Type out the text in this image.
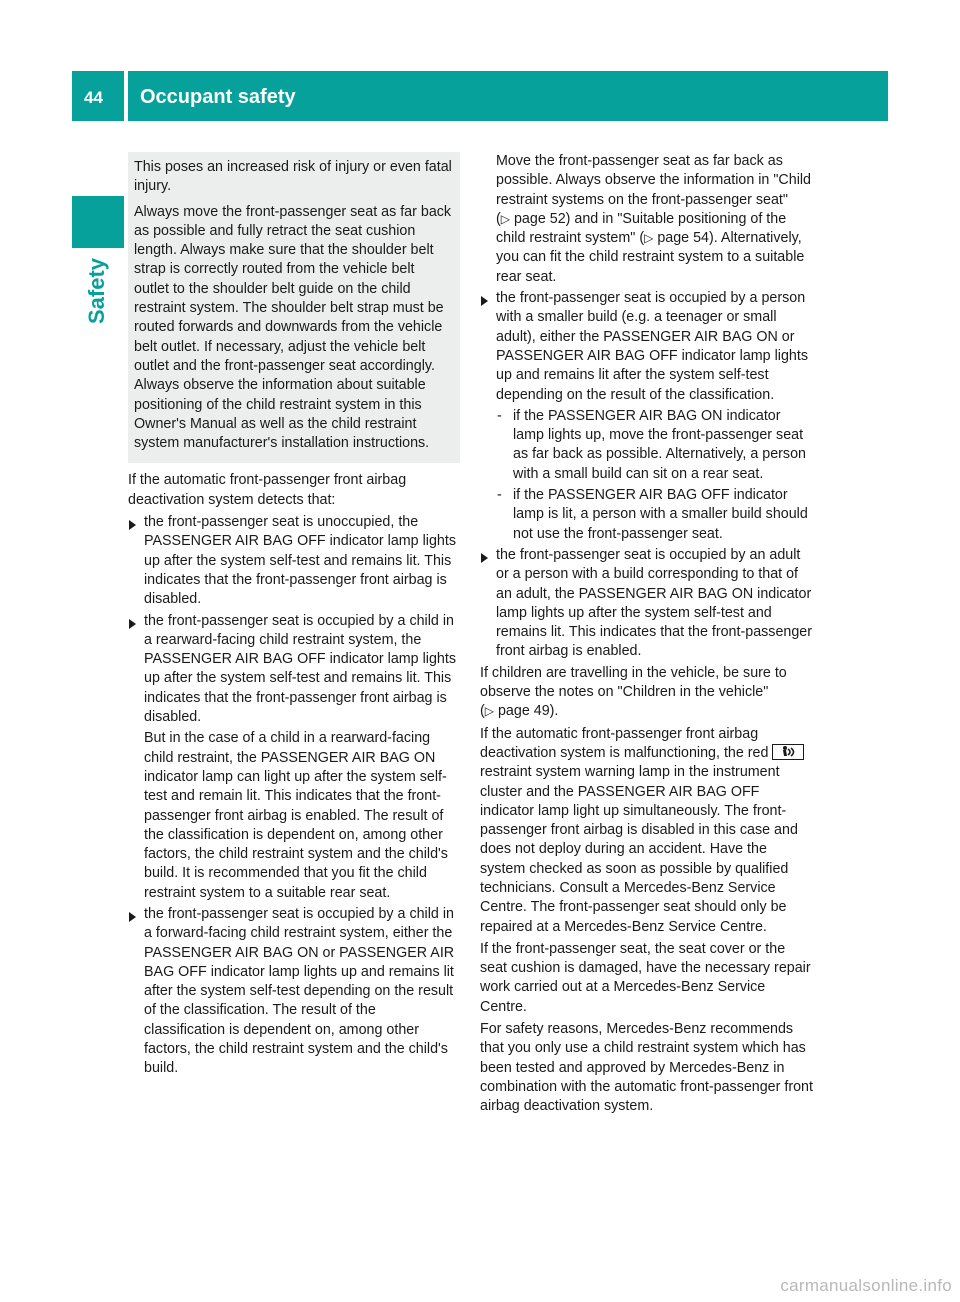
44 Occupant safety
Safety

This poses an increased risk of injury or even fatal injury.

Always move the front-passenger seat as far back as possible and fully retract the seat cushion length. Always make sure that the shoulder belt strap is correctly routed from the vehicle belt outlet to the shoulder belt guide on the child restraint system. The shoulder belt strap must be routed forwards and downwards from the vehicle belt outlet. If necessary, adjust the vehicle belt outlet and the front-passenger seat accordingly. Always observe the information about suitable positioning of the child restraint system in this Owner's Manual as well as the child restraint system manufacturer's installation instructions.

If the automatic front-passenger front airbag deactivation system detects that:

the front-passenger seat is unoccupied, the PASSENGER AIR BAG OFF indicator lamp lights up after the system self-test and remains lit. This indicates that the front-passenger front airbag is disabled.
the front-passenger seat is occupied by a child in a rearward-facing child restraint system, the PASSENGER AIR BAG OFF indicator lamp lights up after the system self-test and remains lit. This indicates that the front-passenger front airbag is disabled.
But in the case of a child in a rearward-facing child restraint, the PASSENGER AIR BAG ON indicator lamp can light up after the system self-test and remain lit. This indicates that the front-passenger front airbag is enabled. The result of the classification is dependent on, among other factors, the child restraint system and the child's build. It is recommended that you fit the child restraint system to a suitable rear seat.
the front-passenger seat is occupied by a child in a forward-facing child restraint system, either the PASSENGER AIR BAG ON or PASSENGER AIR BAG OFF indicator lamp lights up and remains lit after the system self-test depending on the result of the classification. The result of the classification is dependent on, among other factors, the child restraint system and the child's build.

Move the front-passenger seat as far back as possible. Always observe the information in "Child restraint systems on the front-passenger seat" (▷ page 52) and in "Suitable positioning of the child restraint system" (▷ page 54). Alternatively, you can fit the child restraint system to a suitable rear seat.

the front-passenger seat is occupied by a person with a smaller build (e.g. a teenager or small adult), either the PASSENGER AIR BAG ON or PASSENGER AIR BAG OFF indicator lamp lights up and remains lit after the system self-test depending on the result of the classification.
- if the PASSENGER AIR BAG ON indicator lamp lights up, move the front-passenger seat as far back as possible. Alternatively, a person with a small build can sit on a rear seat.
- if the PASSENGER AIR BAG OFF indicator lamp is lit, a person with a smaller build should not use the front-passenger seat.
the front-passenger seat is occupied by an adult or a person with a build corresponding to that of an adult, the PASSENGER AIR BAG ON indicator lamp lights up after the system self-test and remains lit. This indicates that the front-passenger front airbag is enabled.

If children are travelling in the vehicle, be sure to observe the notes on "Children in the vehicle" (▷ page 49).

If the automatic front-passenger front airbag deactivation system is malfunctioning, the red restraint system warning lamp in the instrument cluster and the PASSENGER AIR BAG OFF indicator lamp light up simultaneously. The front-passenger front airbag is disabled in this case and does not deploy during an accident. Have the system checked as soon as possible by qualified technicians. Consult a Mercedes-Benz Service Centre. The front-passenger seat should only be repaired at a Mercedes-Benz Service Centre.

If the front-passenger seat, the seat cover or the seat cushion is damaged, have the necessary repair work carried out at a Mercedes-Benz Service Centre.

For safety reasons, Mercedes-Benz recommends that you only use a child restraint system which has been tested and approved by Mercedes-Benz in combination with the automatic front-passenger front airbag deactivation system.

carmanualsonline.info
